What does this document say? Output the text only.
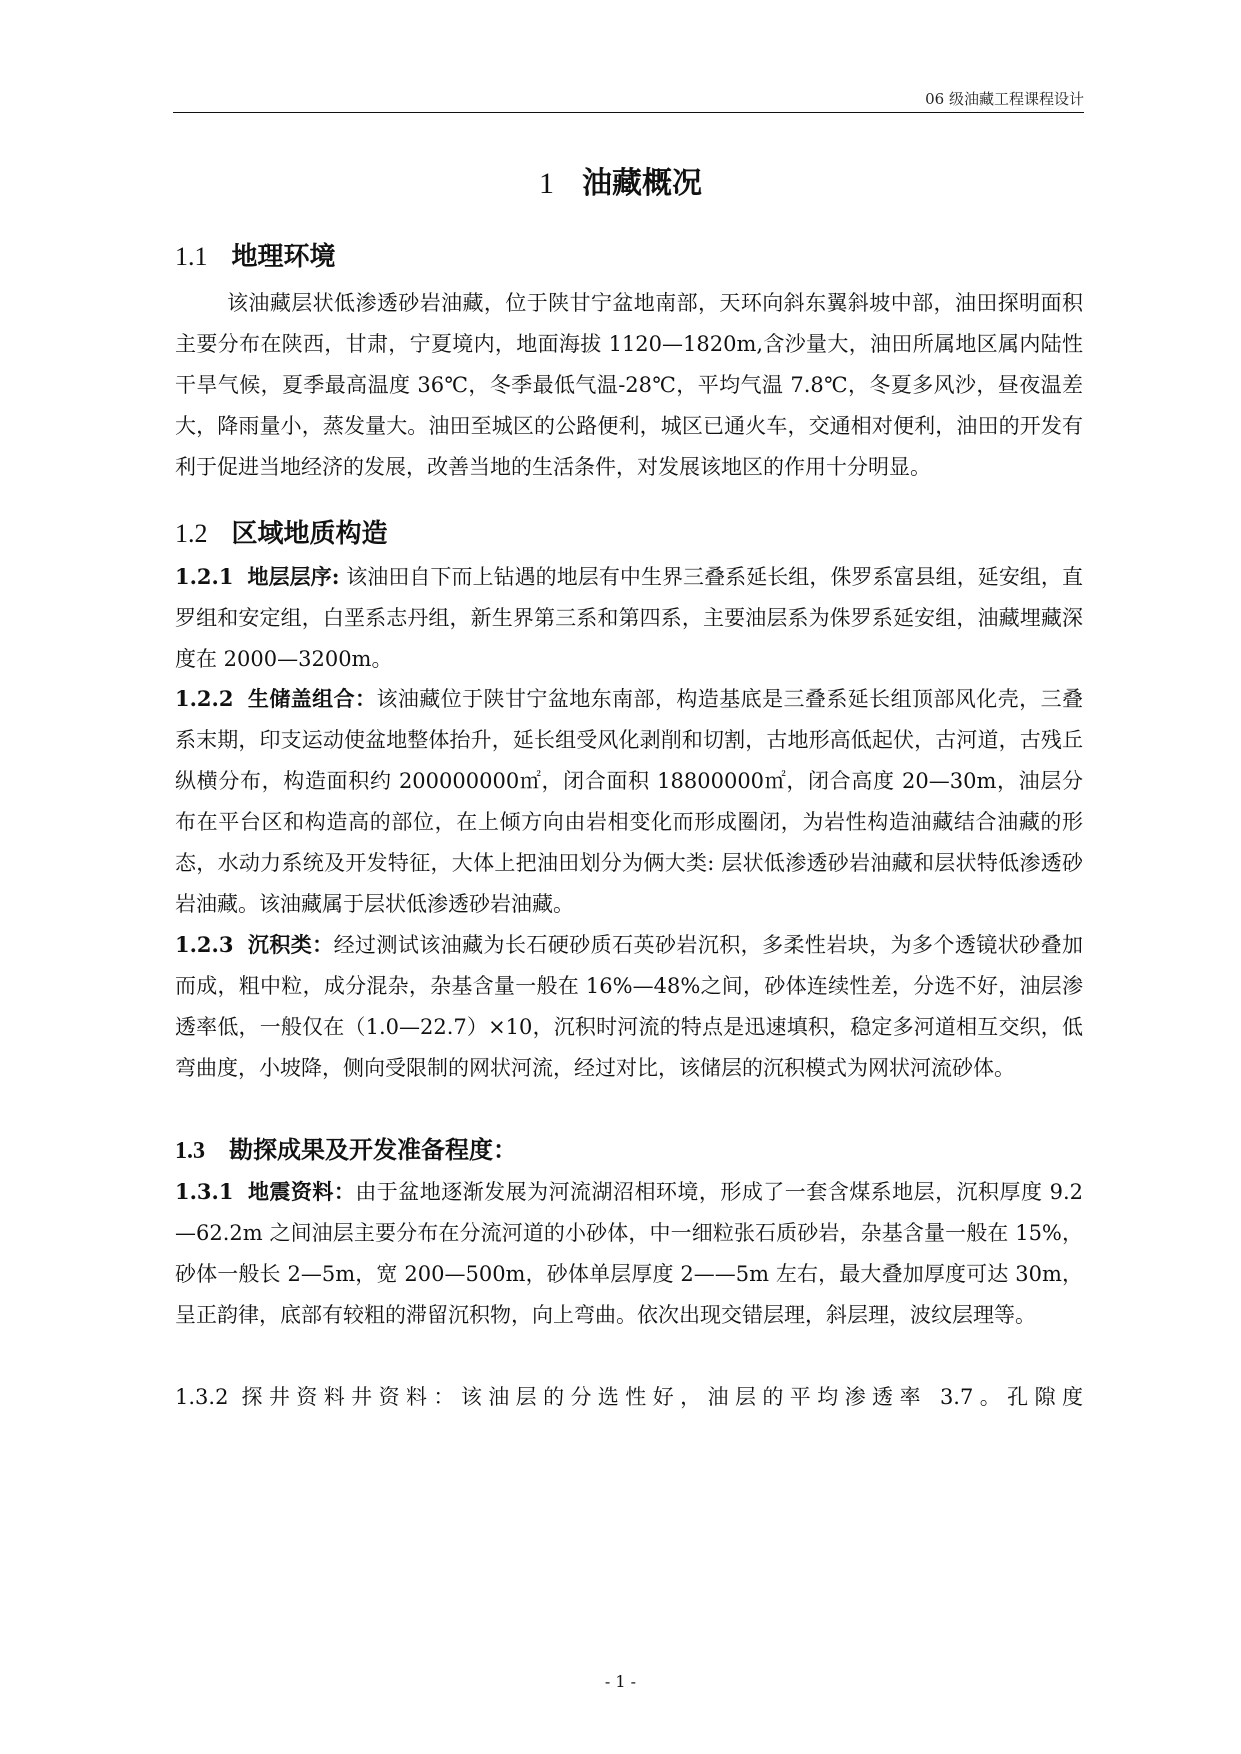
06 级油藏工程课程设计
1 油藏概况
1.1 地理环境
该油藏层状低渗透砂岩油藏，位于陕甘宁盆地南部，天环向斜东翼斜坡中部，油田探明面积主要分布在陕西，甘肃，宁夏境内，地面海拔 1120—1820m,含沙量大，油田所属地区属内陆性干旱气候，夏季最高温度 36℃，冬季最低气温-28℃，平均气温 7.8℃，冬夏多风沙，昼夜温差大，降雨量小，蒸发量大。油田至城区的公路便利，城区已通火车，交通相对便利，油田的开发有利于促进当地经济的发展，改善当地的生活条件，对发展该地区的作用十分明显。
1.2 区域地质构造
1.2.1 地层层序: 该油田自下而上钻遇的地层有中生界三叠系延长组，侏罗系富县组，延安组，直罗组和安定组，白垩系志丹组，新生界第三系和第四系，主要油层系为侏罗系延安组，油藏埋藏深度在 2000—3200m。
1.2.2 生储盖组合：该油藏位于陕甘宁盆地东南部，构造基底是三叠系延长组顶部风化壳，三叠系末期，印支运动使盆地整体抬升，延长组受风化剥削和切割，古地形高低起伏，古河道，古残丘纵横分布，构造面积约 200000000㎡，闭合面积 18800000㎡，闭合高度 20—30m，油层分布在平台区和构造高的部位，在上倾方向由岩相变化而形成圈闭，为岩性构造油藏结合油藏的形态，水动力系统及开发特征，大体上把油田划分为俩大类: 层状低渗透砂岩油藏和层状特低渗透砂岩油藏。该油藏属于层状低渗透砂岩油藏。
1.2.3 沉积类：经过测试该油藏为长石硬砂质石英砂岩沉积，多柔性岩块，为多个透镜状砂叠加而成，粗中粒，成分混杂，杂基含量一般在 16%—48%之间，砂体连续性差，分选不好，油层渗透率低，一般仅在（1.0—22.7）×10，沉积时河流的特点是迅速填积，稳定多河道相互交织，低弯曲度，小坡降，侧向受限制的网状河流，经过对比，该储层的沉积模式为网状河流砂体。
1.3 勘探成果及开发准备程度：
1.3.1 地震资料：由于盆地逐渐发展为河流湖沼相环境，形成了一套含煤系地层，沉积厚度 9.2—62.2m 之间油层主要分布在分流河道的小砂体，中一细粒张石质砂岩，杂基含量一般在 15%，砂体一般长 2—5m，宽 200—500m，砂体单层厚度 2——5m 左右，最大叠加厚度可达 30m，呈正韵律，底部有较粗的滞留沉积物，向上弯曲。依次出现交错层理，斜层理，波纹层理等。
1.3.2 探井资料井资料：该油层的分选性好，油层的平均渗透率 3.7。孔隙度
- 1 -
